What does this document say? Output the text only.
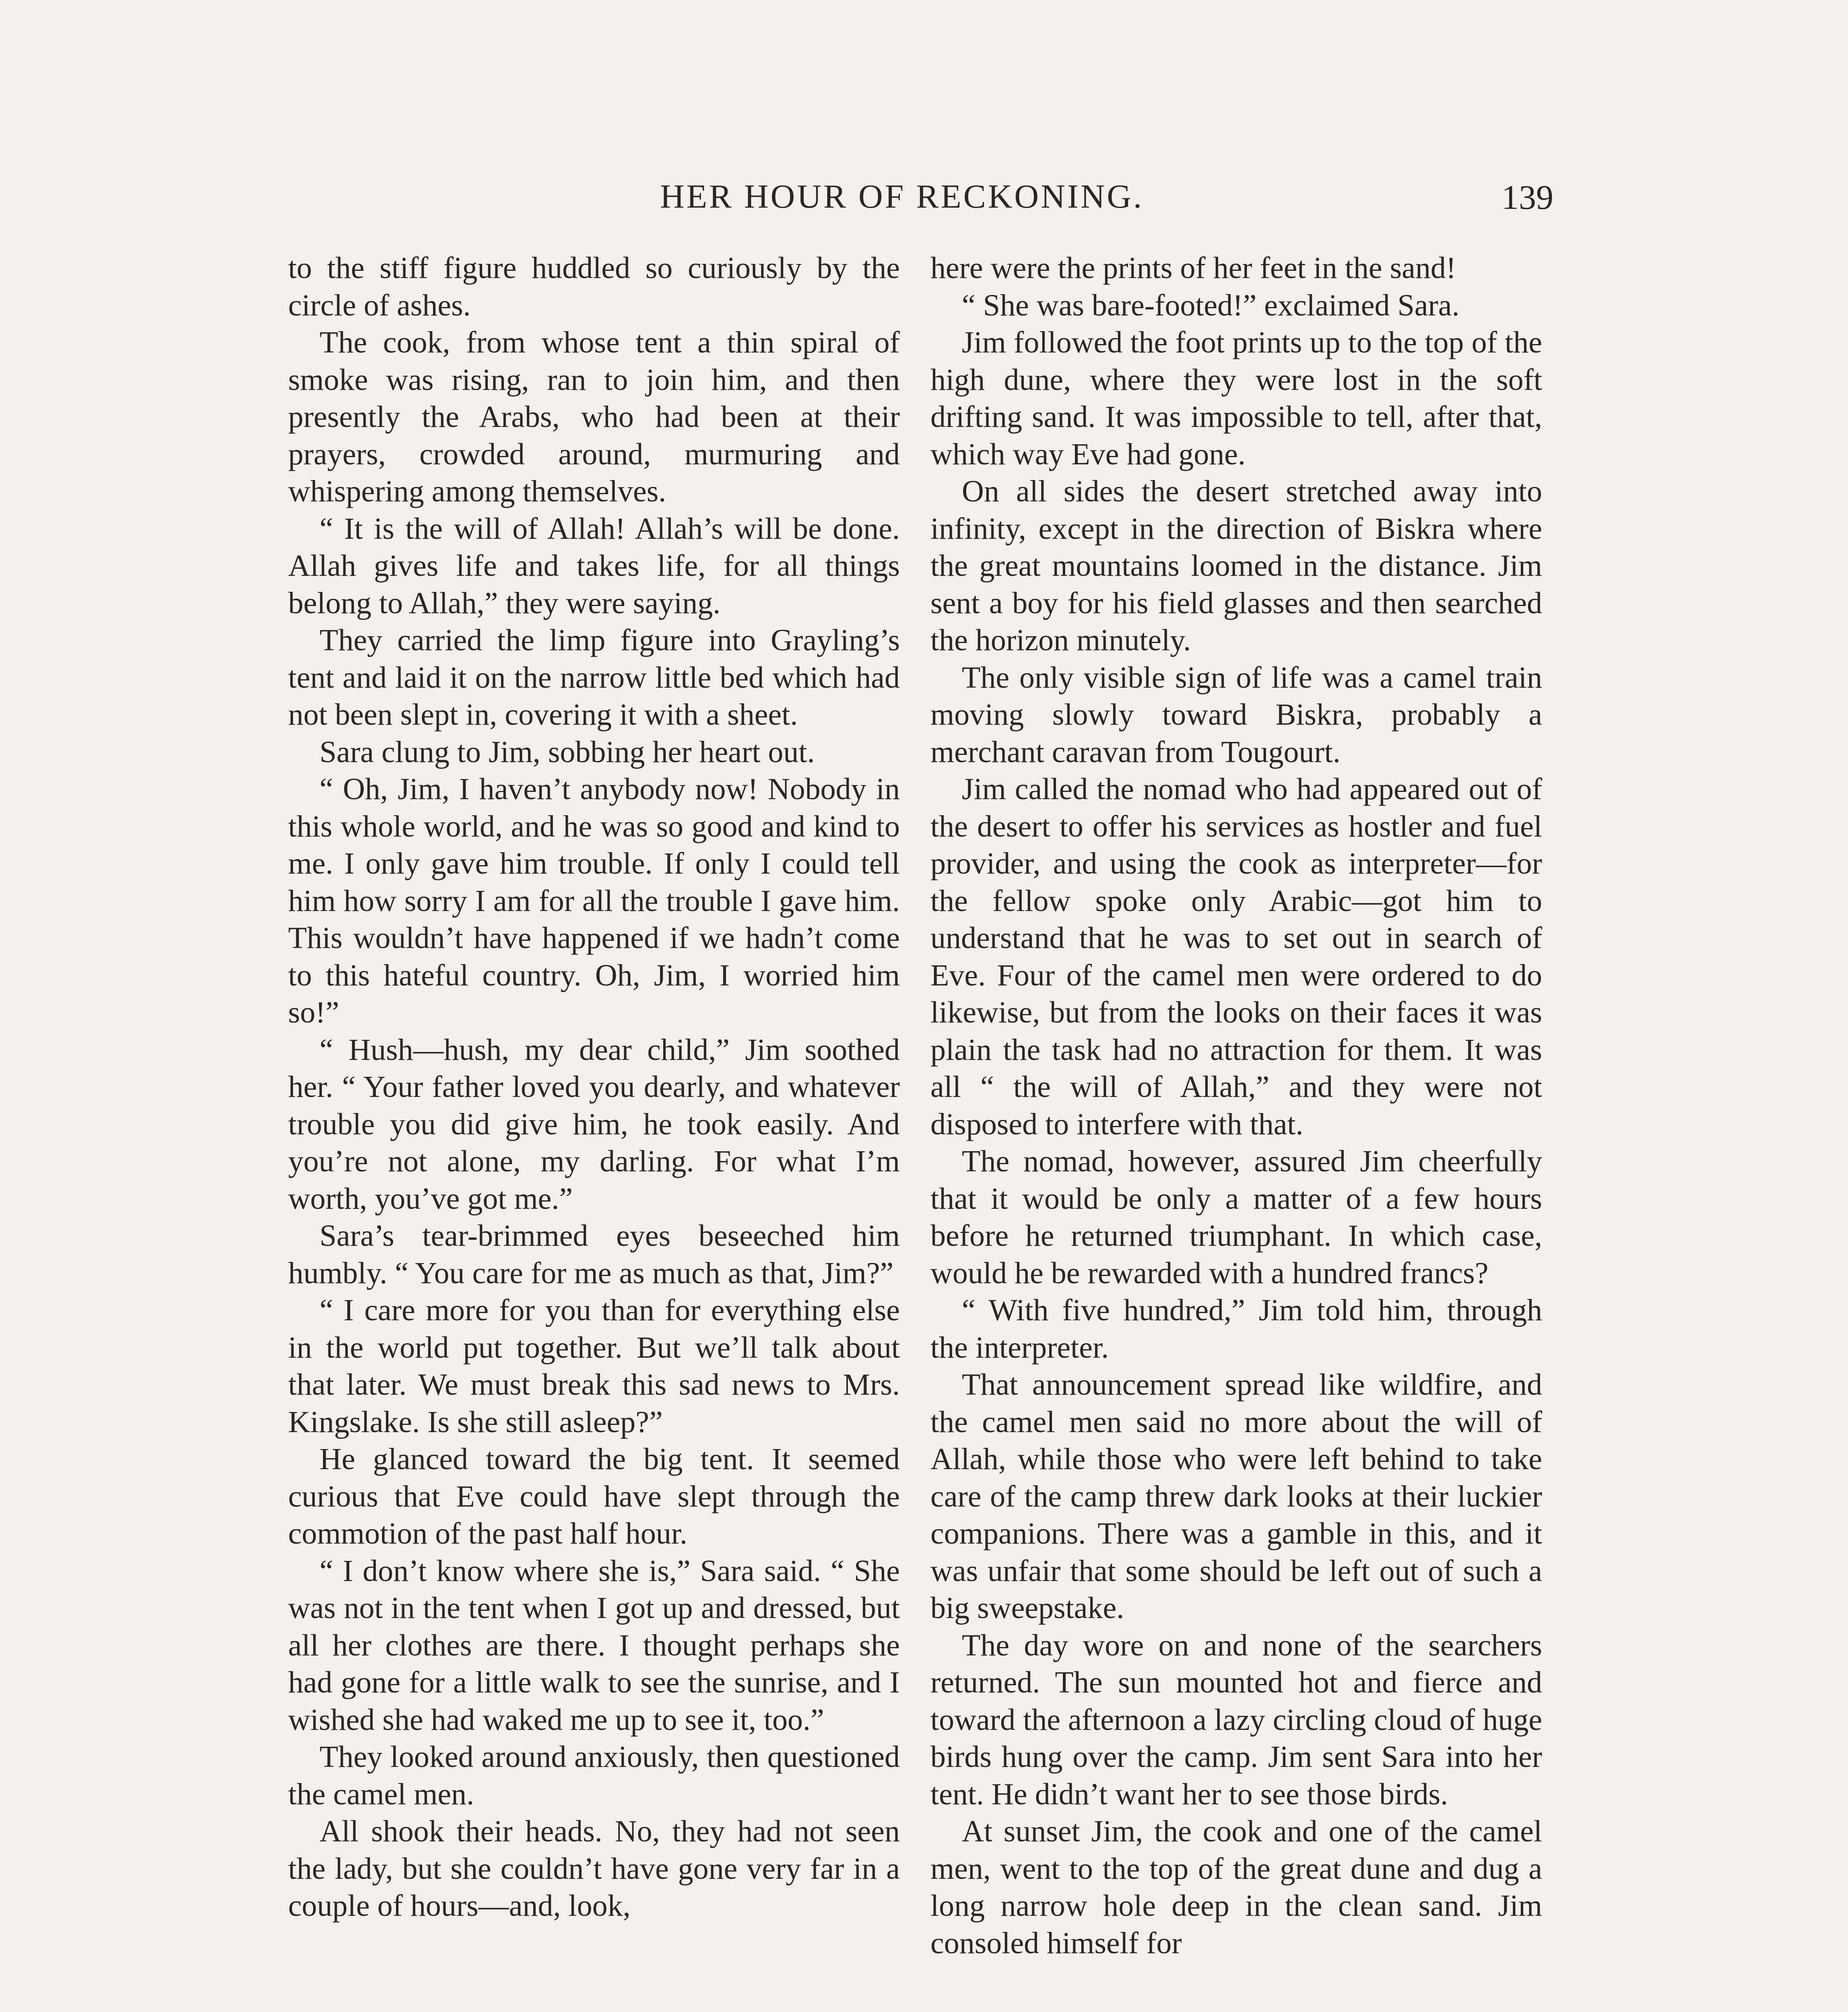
HER HOUR OF RECKONING.	139

to the stiff figure huddled so curiously by the circle of ashes.

The cook, from whose tent a thin spiral of smoke was rising, ran to join him, and then presently the Arabs, who had been at their prayers, crowded around, murmuring and whispering among themselves.

“ It is the will of Allah! Allah’s will be done. Allah gives life and takes life, for all things belong to Allah,” they were saying.

They carried the limp figure into Grayling’s tent and laid it on the narrow little bed which had not been slept in, covering it with a sheet.

Sara clung to Jim, sobbing her heart out.

“ Oh, Jim, I haven’t anybody now! Nobody in this whole world, and he was so good and kind to me. I only gave him trouble. If only I could tell him how sorry I am for all the trouble I gave him. This wouldn’t have happened if we hadn’t come to this hateful country. Oh, Jim, I worried him so!”

“ Hush—hush, my dear child,” Jim soothed her. “ Your father loved you dearly, and whatever trouble you did give him, he took easily. And you’re not alone, my darling. For what I’m worth, you’ve got me.”

Sara’s tear-brimmed eyes beseeched him humbly. “ You care for me as much as that, Jim?”

“ I care more for you than for everything else in the world put together. But we’ll talk about that later. We must break this sad news to Mrs. Kingslake. Is she still asleep?”

He glanced toward the big tent. It seemed curious that Eve could have slept through the commotion of the past half hour.

“ I don’t know where she is,” Sara said. “ She was not in the tent when I got up and dressed, but all her clothes are there. I thought perhaps she had gone for a little walk to see the sunrise, and I wished she had waked me up to see it, too.”

They looked around anxiously, then questioned the camel men.

All shook their heads. No, they had not seen the lady, but she couldn’t have gone very far in a couple of hours—and, look,

here were the prints of her feet in the sand!

“ She was bare-footed!” exclaimed Sara.

Jim followed the foot prints up to the top of the high dune, where they were lost in the soft drifting sand. It was impossible to tell, after that, which way Eve had gone.

On all sides the desert stretched away into infinity, except in the direction of Biskra where the great mountains loomed in the distance. Jim sent a boy for his field glasses and then searched the horizon minutely.

The only visible sign of life was a camel train moving slowly toward Biskra, probably a merchant caravan from Tougourt.

Jim called the nomad who had appeared out of the desert to offer his services as hostler and fuel provider, and using the cook as interpreter—for the fellow spoke only Arabic—got him to understand that he was to set out in search of Eve. Four of the camel men were ordered to do likewise, but from the looks on their faces it was plain the task had no attraction for them. It was all “ the will of Allah,” and they were not disposed to interfere with that.

The nomad, however, assured Jim cheerfully that it would be only a matter of a few hours before he returned triumphant. In which case, would he be rewarded with a hundred francs?

“ With five hundred,” Jim told him, through the interpreter.

That announcement spread like wildfire, and the camel men said no more about the will of Allah, while those who were left behind to take care of the camp threw dark looks at their luckier companions. There was a gamble in this, and it was unfair that some should be left out of such a big sweepstake.

The day wore on and none of the searchers returned. The sun mounted hot and fierce and toward the afternoon a lazy circling cloud of huge birds hung over the camp. Jim sent Sara into her tent. He didn’t want her to see those birds.

At sunset Jim, the cook and one of the camel men, went to the top of the great dune and dug a long narrow hole deep in the clean sand. Jim consoled himself for
